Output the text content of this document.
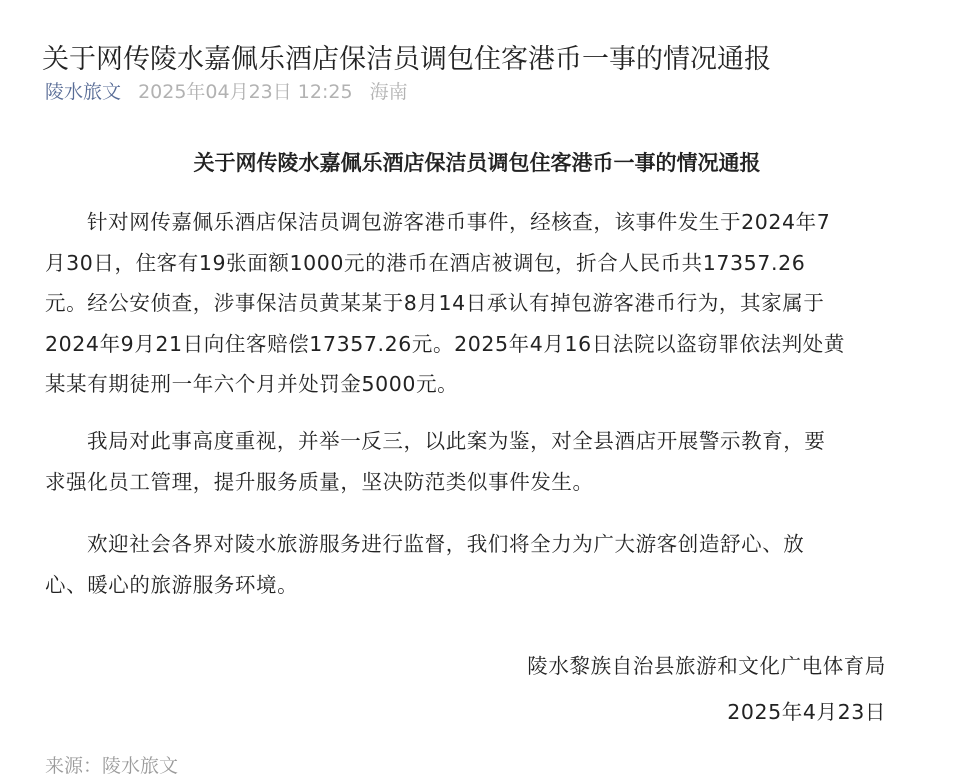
关于网传陵水嘉佩乐酒店保洁员调包住客港币一事的情况通报
陵水旅文 2025年04月23日 12:25 海南
关于网传陵水嘉佩乐酒店保洁员调包住客港币一事的情况通报
针对网传嘉佩乐酒店保洁员调包游客港币事件，经核查，该事件发生于2024年7
月30日，住客有19张面额1000元的港币在酒店被调包，折合人民币共17357.26
元。经公安侦查，涉事保洁员黄某某于8月14日承认有掉包游客港币行为，其家属于
2024年9月21日向住客赔偿17357.26元。2025年4月16日法院以盗窃罪依法判处黄
某某有期徒刑一年六个月并处罚金5000元。
我局对此事高度重视，并举一反三，以此案为鉴，对全县酒店开展警示教育，要
求强化员工管理，提升服务质量，坚决防范类似事件发生。
欢迎社会各界对陵水旅游服务进行监督，我们将全力为广大游客创造舒心、放
心、暖心的旅游服务环境。
陵水黎族自治县旅游和文化广电体育局
2025年4月23日
来源：陵水旅文
